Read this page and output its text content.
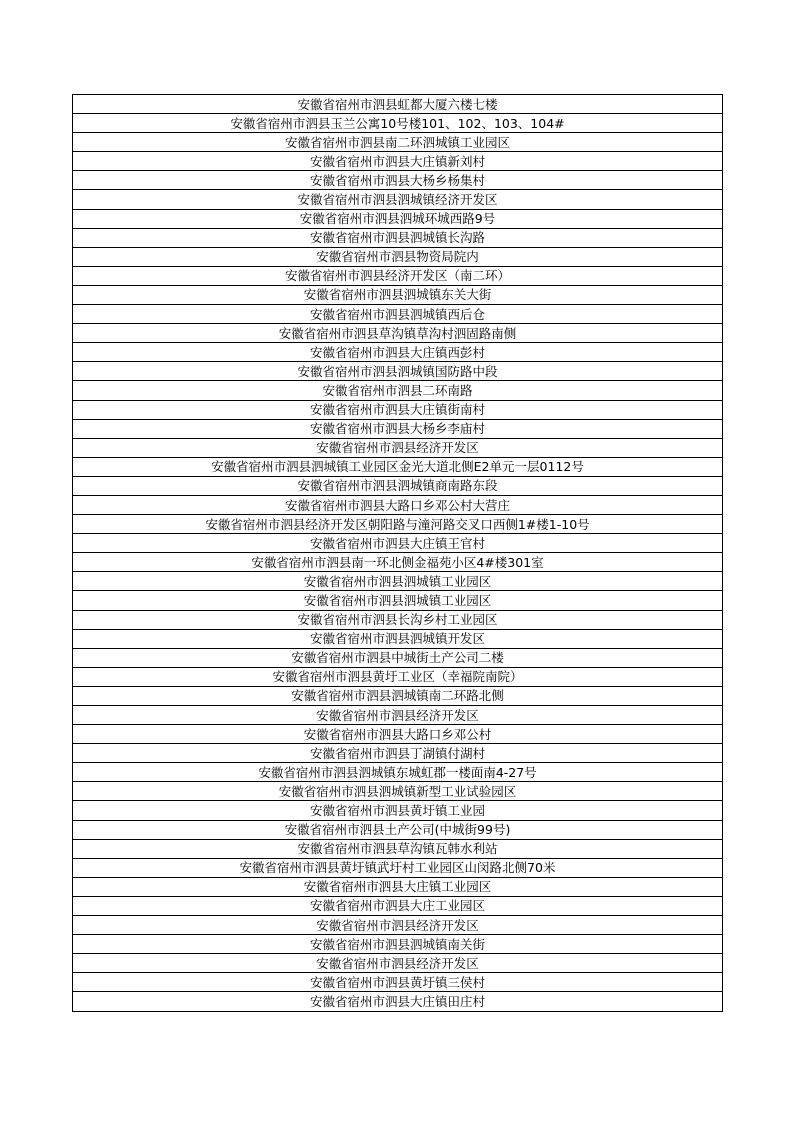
安徽省宿州市泗县虹都大厦六楼七楼
安徽省宿州市泗县玉兰公寓10号楼101、102、103、104#
安徽省宿州市泗县南二环泗城镇工业园区
安徽省宿州市泗县大庄镇新刘村
安徽省宿州市泗县大杨乡杨集村
安徽省宿州市泗县泗城镇经济开发区
安徽省宿州市泗县泗城环城西路9号
安徽省宿州市泗县泗城镇长沟路
安徽省宿州市泗县物资局院内
安徽省宿州市泗县经济开发区（南二环）
安徽省宿州市泗县泗城镇东关大街
安徽省宿州市泗县泗城镇西后仓
安徽省宿州市泗县草沟镇草沟村泗固路南侧
安徽省宿州市泗县大庄镇西彭村
安徽省宿州市泗县泗城镇国防路中段
安徽省宿州市泗县二环南路
安徽省宿州市泗县大庄镇街南村
安徽省宿州市泗县大杨乡李庙村
安徽省宿州市泗县经济开发区
安徽省宿州市泗县泗城镇工业园区金光大道北侧E2单元一层0112号
安徽省宿州市泗县泗城镇商南路东段
安徽省宿州市泗县大路口乡邓公村大营庄
安徽省宿州市泗县经济开发区朝阳路与潼河路交叉口西侧1#楼1-10号
安徽省宿州市泗县大庄镇王官村
安徽省宿州市泗县南一环北侧金福苑小区4#楼301室
安徽省宿州市泗县泗城镇工业园区
安徽省宿州市泗县泗城镇工业园区
安徽省宿州市泗县长沟乡村工业园区
安徽省宿州市泗县泗城镇开发区
安徽省宿州市泗县中城街土产公司二楼
安徽省宿州市泗县黄圩工业区（幸福院南院）
安徽省宿州市泗县泗城镇南二环路北侧
安徽省宿州市泗县经济开发区
安徽省宿州市泗县大路口乡邓公村
安徽省宿州市泗县丁湖镇付湖村
安徽省宿州市泗县泗城镇东城虹郡一楼面南4-27号
安徽省宿州市泗县泗城镇新型工业试验园区
安徽省宿州市泗县黄圩镇工业园
安徽省宿州市泗县土产公司(中城街99号)
安徽省宿州市泗县草沟镇瓦韩水利站
安徽省宿州市泗县黄圩镇武圩村工业园区山闵路北侧70米
安徽省宿州市泗县大庄镇工业园区
安徽省宿州市泗县大庄工业园区
安徽省宿州市泗县经济开发区
安徽省宿州市泗县泗城镇南关街
安徽省宿州市泗县经济开发区
安徽省宿州市泗县黄圩镇三侯村
安徽省宿州市泗县大庄镇田庄村
